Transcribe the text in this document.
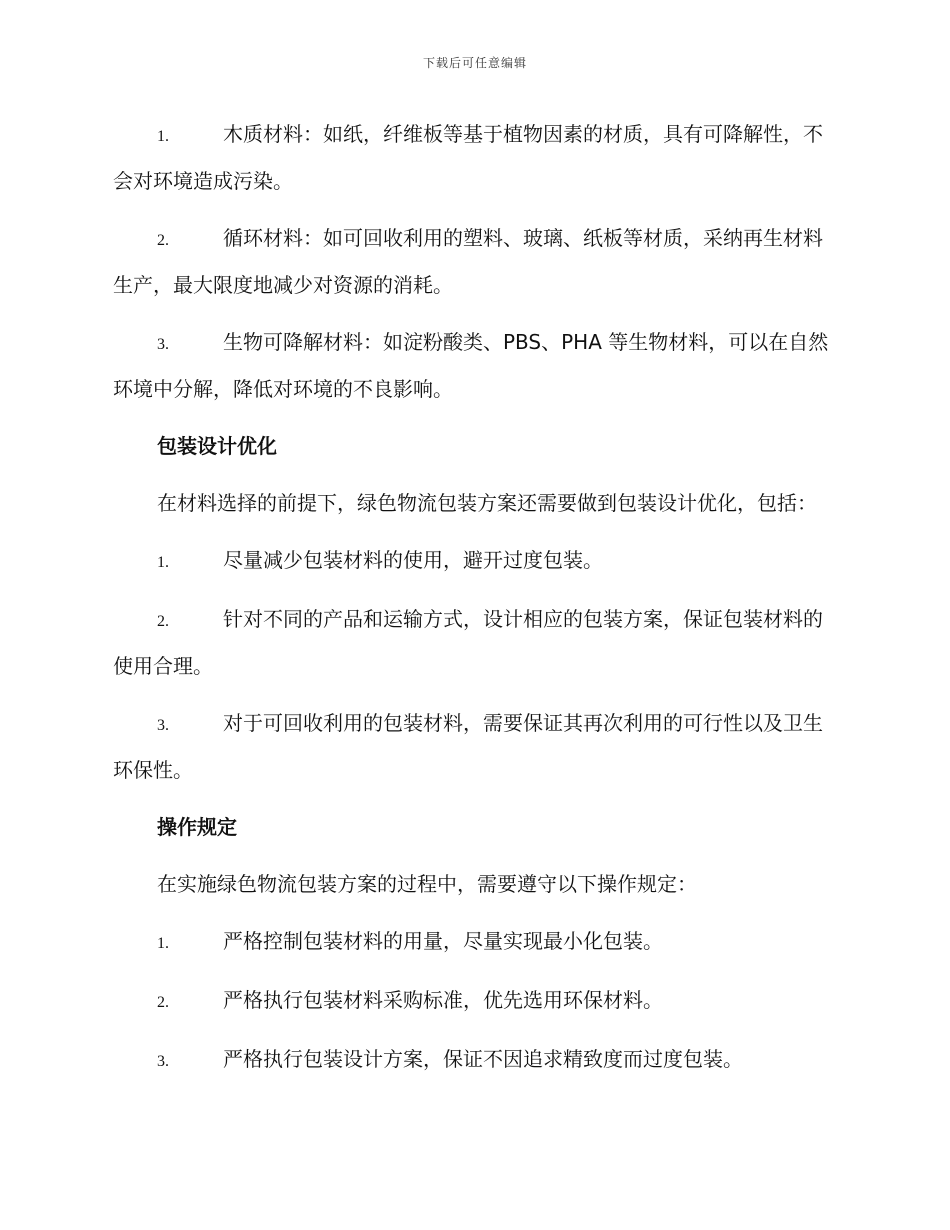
下载后可任意编辑
1.	木质材料：如纸，纤维板等基于植物因素的材质，具有可降解性，不会对环境造成污染。
2.	循环材料：如可回收利用的塑料、玻璃、纸板等材质，采纳再生材料生产，最大限度地减少对资源的消耗。
3.	生物可降解材料：如淀粉酸类、PBS、PHA 等生物材料，可以在自然环境中分解，降低对环境的不良影响。
包装设计优化
在材料选择的前提下，绿色物流包装方案还需要做到包装设计优化，包括：
1.	尽量减少包装材料的使用，避开过度包装。
2.	针对不同的产品和运输方式，设计相应的包装方案，保证包装材料的使用合理。
3.	对于可回收利用的包装材料，需要保证其再次利用的可行性以及卫生环保性。
操作规定
在实施绿色物流包装方案的过程中，需要遵守以下操作规定：
1.	严格控制包装材料的用量，尽量实现最小化包装。
2.	严格执行包装材料采购标准，优先选用环保材料。
3.	严格执行包装设计方案，保证不因追求精致度而过度包装。
